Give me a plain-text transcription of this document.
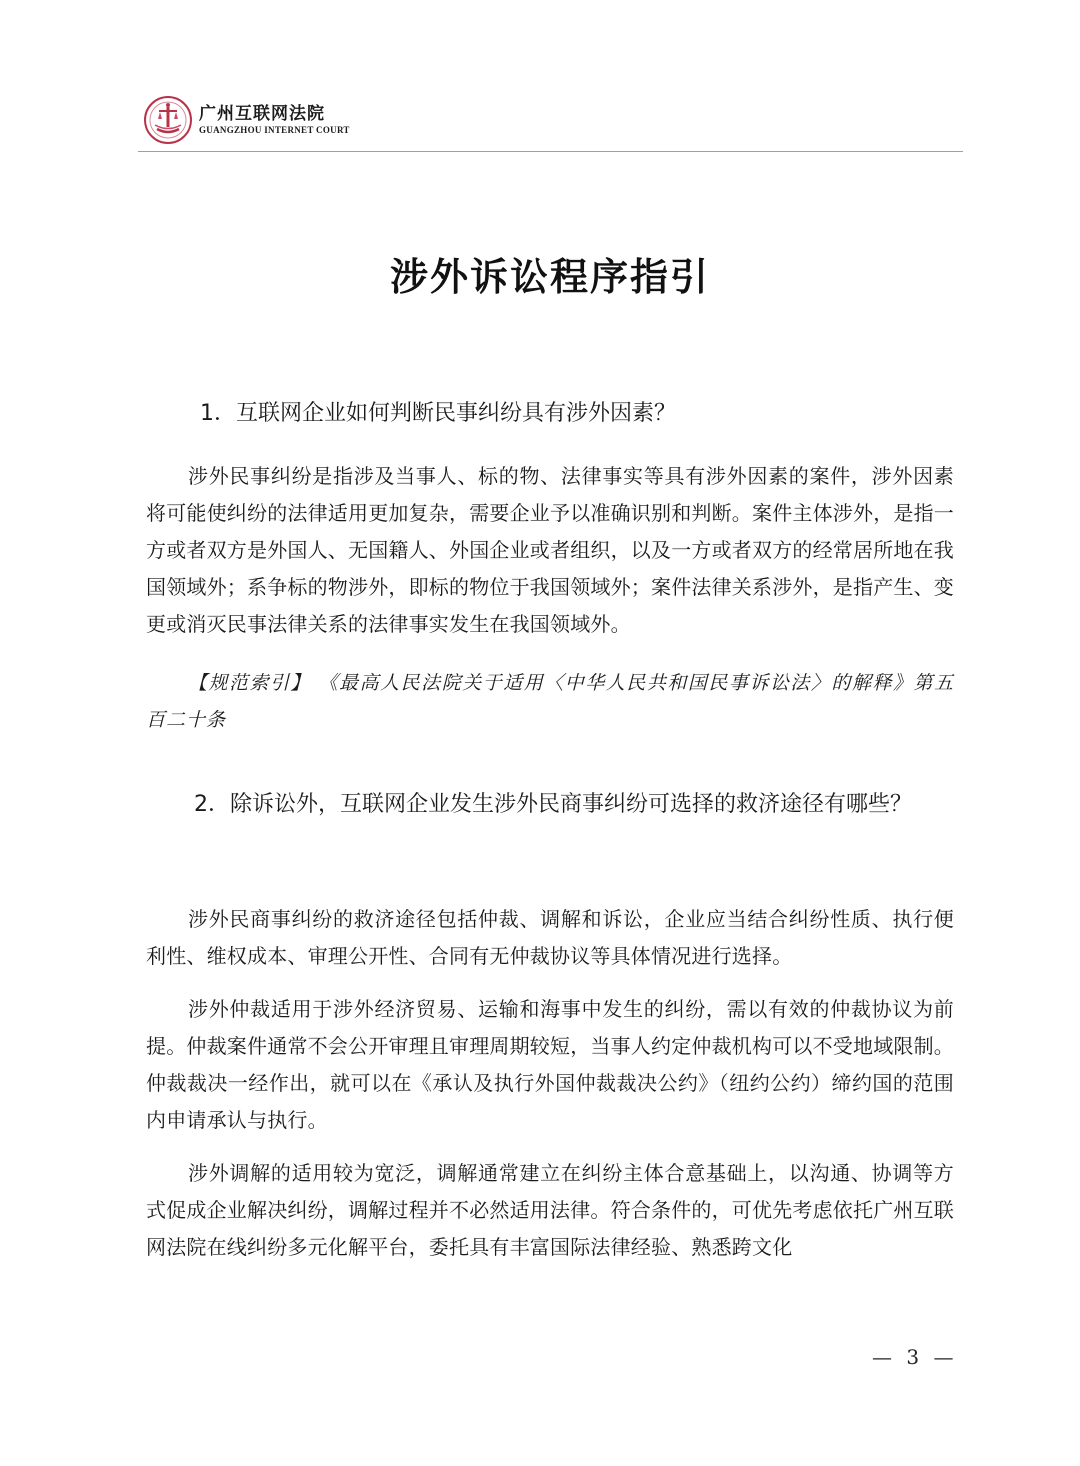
广州互联网法院
GUANGZHOU INTERNET COURT
涉外诉讼程序指引
1．互联网企业如何判断民事纠纷具有涉外因素？
涉外民事纠纷是指涉及当事人、标的物、法律事实等具有涉外因素的案件，涉外因素将可能使纠纷的法律适用更加复杂，需要企业予以准确识别和判断。案件主体涉外，是指一方或者双方是外国人、无国籍人、外国企业或者组织，以及一方或者双方的经常居所地在我国领域外；系争标的物涉外，即标的物位于我国领域外；案件法律关系涉外，是指产生、变更或消灭民事法律关系的法律事实发生在我国领域外。
【规范索引】 《最高人民法院关于适用〈中华人民共和国民事诉讼法〉的解释》第五百二十条
2．除诉讼外，互联网企业发生涉外民商事纠纷可选择的救济途径有哪些？
涉外民商事纠纷的救济途径包括仲裁、调解和诉讼，企业应当结合纠纷性质、执行便利性、维权成本、审理公开性、合同有无仲裁协议等具体情况进行选择。
涉外仲裁适用于涉外经济贸易、运输和海事中发生的纠纷，需以有效的仲裁协议为前提。仲裁案件通常不会公开审理且审理周期较短，当事人约定仲裁机构可以不受地域限制。仲裁裁决一经作出，就可以在《承认及执行外国仲裁裁决公约》（纽约公约）缔约国的范围内申请承认与执行。
涉外调解的适用较为宽泛，调解通常建立在纠纷主体合意基础上，以沟通、协调等方式促成企业解决纠纷，调解过程并不必然适用法律。符合条件的，可优先考虑依托广州互联网法院在线纠纷多元化解平台，委托具有丰富国际法律经验、熟悉跨文化
— 3 —
